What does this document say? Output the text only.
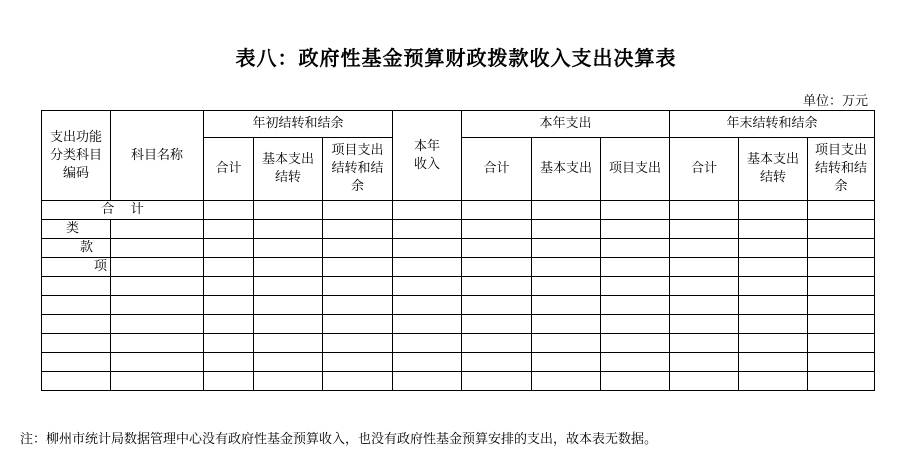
表八：政府性基金预算财政拨款收入支出决算表
单位：万元
支出功能分类科目编码	科目名称	年初结转和结余			本年收入	本年支出			年末结转和结余		
		合计	基本支出结转	项目支出结转和结余		合计	基本支出	项目支出	合计	基本支出结转	项目支出结转和结余
合    计											
类											
款											
项											

注：柳州市统计局数据管理中心没有政府性基金预算收入，也没有政府性基金预算安排的支出，故本表无数据。
